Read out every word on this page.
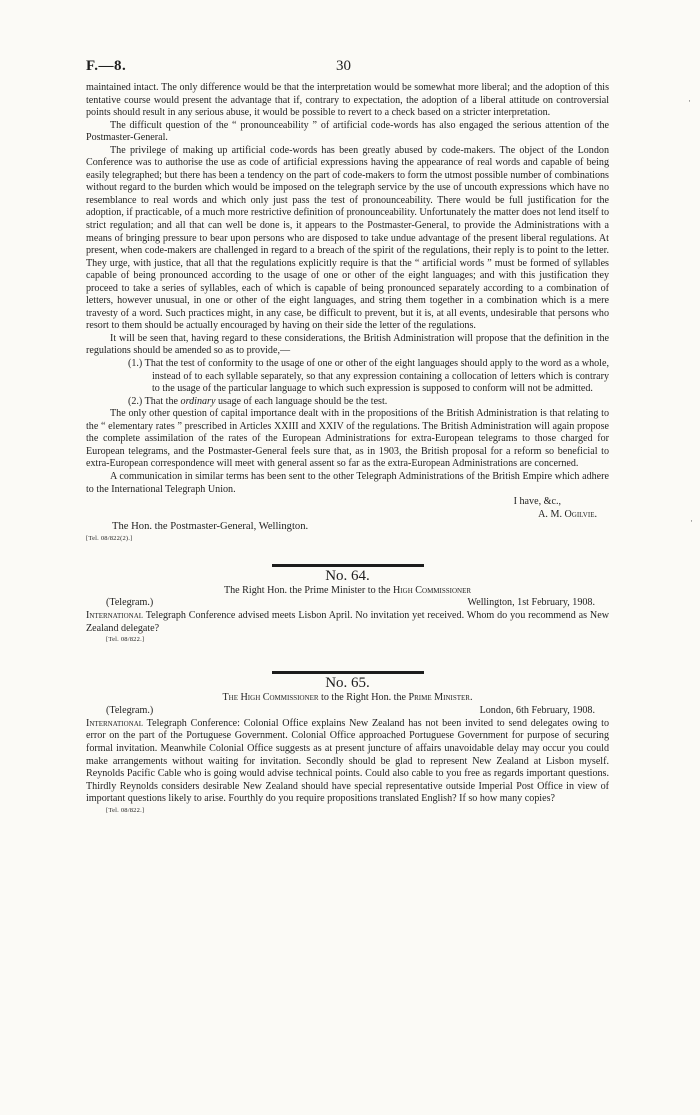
F.—8.	30
·
·

maintained intact. The only difference would be that the interpretation would be somewhat more liberal; and the adoption of this tentative course would present the advantage that if, contrary to expectation, the adoption of a liberal attitude on controversial points should result in any serious abuse, it would be possible to revert to a check based on a stricter interpretation.

The difficult question of the “ pronounceability ” of artificial code-words has also engaged the serious attention of the Postmaster-General.

The privilege of making up artificial code-words has been greatly abused by code-makers. The object of the London Conference was to authorise the use as code of artificial expressions having the appearance of real words and capable of being easily telegraphed; but there has been a tendency on the part of code-makers to form the utmost possible number of combinations without regard to the burden which would be imposed on the telegraph service by the use of uncouth expressions which have no resemblance to real words and which only just pass the test of pronounceability. There would be full justification for the adoption, if practicable, of a much more restrictive definition of pronounceability. Unfortunately the matter does not lend itself to strict regulation; and all that can well be done is, it appears to the Postmaster-General, to provide the Administrations with a means of bringing pressure to bear upon persons who are disposed to take undue advantage of the present liberal regulations. At present, when code-makers are challenged in regard to a breach of the spirit of the regulations, their reply is to point to the letter. They urge, with justice, that all that the regulations explicitly require is that the “ artificial words ” must be formed of syllables capable of being pronounced according to the usage of one or other of the eight languages; and with this justification they proceed to take a series of syllables, each of which is capable of being pronounced separately according to a combination of letters, however unusual, in one or other of the eight languages, and string them together in a combination which is a mere travesty of a word. Such practices might, in any case, be difficult to prevent, but it is, at all events, undesirable that persons who resort to them should be actually encouraged by having on their side the letter of the regulations.

It will be seen that, having regard to these considerations, the British Administration will propose that the definition in the regulations should be amended so as to provide,—

(1.) That the test of conformity to the usage of one or other of the eight languages should apply to the word as a whole, instead of to each syllable separately, so that any expression containing a collocation of letters which is contrary to the usage of the particular language to which such expression is supposed to conform will not be admitted.

(2.) That the ordinary usage of each language should be the test.

The only other question of capital importance dealt with in the propositions of the British Administration is that relating to the “ elementary rates ” prescribed in Articles XXIII and XXIV of the regulations. The British Administration will again propose the complete assimilation of the rates of the European Administrations for extra-European telegrams to those charged for European telegrams, and the Postmaster-General feels sure that, as in 1903, the British proposal for a reform so beneficial to extra-European correspondence will meet with general assent so far as the extra-European Administrations are concerned.

A communication in similar terms has been sent to the other Telegraph Administrations of the British Empire which adhere to the International Telegraph Union.

I have, &c.,

A. M. Ogilvie.

The Hon. the Postmaster-General, Wellington.

[Tel. 08/822(2).]

No. 64.

The Right Hon. the Prime Minister to the High Commissioner

(Telegram.)	Wellington, 1st February, 1908.

International Telegraph Conference advised meets Lisbon April. No invitation yet received. Whom do you recommend as New Zealand delegate?

[Tel. 08/822.]

No. 65.

The High Commissioner to the Right Hon. the Prime Minister.

(Telegram.)	London, 6th February, 1908.

International Telegraph Conference: Colonial Office explains New Zealand has not been invited to send delegates owing to error on the part of the Portuguese Government. Colonial Office approached Portuguese Government for purpose of securing formal invitation. Meanwhile Colonial Office suggests as at present juncture of affairs unavoidable delay may occur you could make arrangements without waiting for invitation. Secondly should be glad to represent New Zealand at Lisbon myself. Reynolds Pacific Cable who is going would advise technical points. Could also cable to you free as regards important questions. Thirdly Reynolds considers desirable New Zealand should have special representative outside Imperial Post Office in view of important questions likely to arise. Fourthly do you require propositions translated English? If so how many copies?

[Tel. 08/822.]
